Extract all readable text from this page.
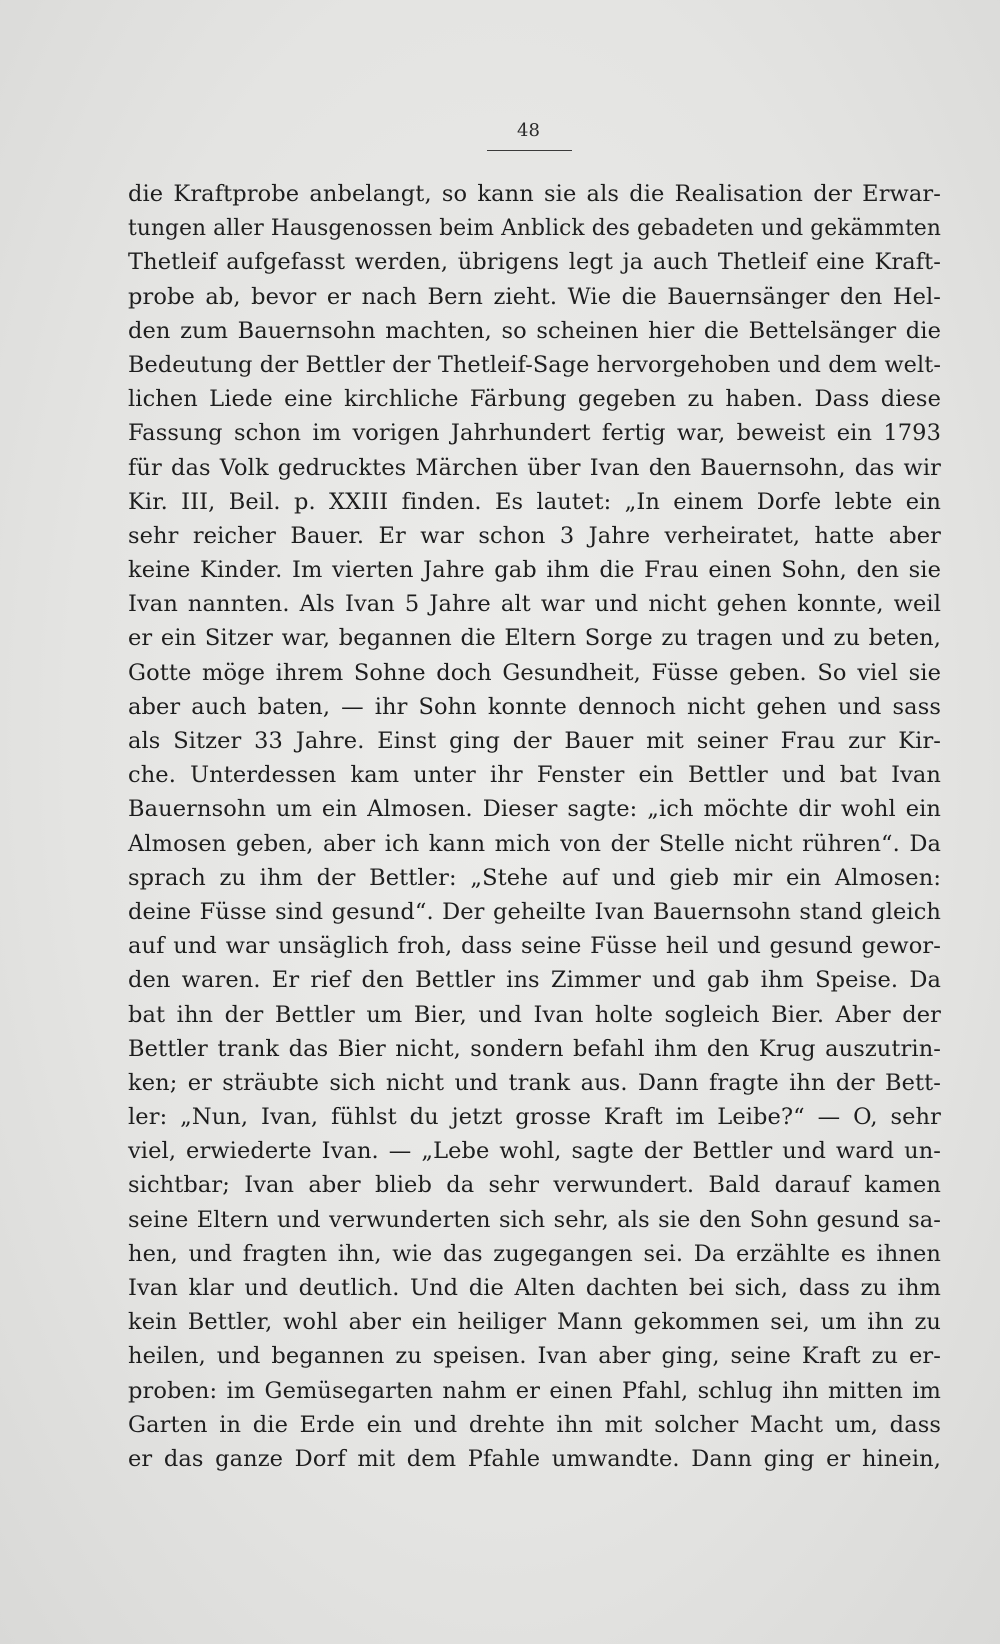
48
die Kraftprobe anbelangt, so kann sie als die Realisation der Erwar-
tungen aller Hausgenossen beim Anblick des gebadeten und gekämmten
Thetleif aufgefasst werden, übrigens legt ja auch Thetleif eine Kraft-
probe ab, bevor er nach Bern zieht. Wie die Bauernsänger den Hel-
den zum Bauernsohn machten, so scheinen hier die Bettelsänger die
Bedeutung der Bettler der Thetleif-Sage hervorgehoben und dem welt-
lichen Liede eine kirchliche Färbung gegeben zu haben. Dass diese
Fassung schon im vorigen Jahrhundert fertig war, beweist ein 1793
für das Volk gedrucktes Märchen über Ivan den Bauernsohn, das wir
Kir. III, Beil. p. XXIII finden. Es lautet: „In einem Dorfe lebte ein
sehr reicher Bauer. Er war schon 3 Jahre verheiratet, hatte aber
keine Kinder. Im vierten Jahre gab ihm die Frau einen Sohn, den sie
Ivan nannten. Als Ivan 5 Jahre alt war und nicht gehen konnte, weil
er ein Sitzer war, begannen die Eltern Sorge zu tragen und zu beten,
Gotte möge ihrem Sohne doch Gesundheit, Füsse geben. So viel sie
aber auch baten, — ihr Sohn konnte dennoch nicht gehen und sass
als Sitzer 33 Jahre. Einst ging der Bauer mit seiner Frau zur Kir-
che. Unterdessen kam unter ihr Fenster ein Bettler und bat Ivan
Bauernsohn um ein Almosen. Dieser sagte: „ich möchte dir wohl ein
Almosen geben, aber ich kann mich von der Stelle nicht rühren“. Da
sprach zu ihm der Bettler: „Stehe auf und gieb mir ein Almosen:
deine Füsse sind gesund“. Der geheilte Ivan Bauernsohn stand gleich
auf und war unsäglich froh, dass seine Füsse heil und gesund gewor-
den waren. Er rief den Bettler ins Zimmer und gab ihm Speise. Da
bat ihn der Bettler um Bier, und Ivan holte sogleich Bier. Aber der
Bettler trank das Bier nicht, sondern befahl ihm den Krug auszutrin-
ken; er sträubte sich nicht und trank aus. Dann fragte ihn der Bett-
ler: „Nun, Ivan, fühlst du jetzt grosse Kraft im Leibe?“ — O, sehr
viel, erwiederte Ivan. — „Lebe wohl, sagte der Bettler und ward un-
sichtbar; Ivan aber blieb da sehr verwundert. Bald darauf kamen
seine Eltern und verwunderten sich sehr, als sie den Sohn gesund sa-
hen, und fragten ihn, wie das zugegangen sei. Da erzählte es ihnen
Ivan klar und deutlich. Und die Alten dachten bei sich, dass zu ihm
kein Bettler, wohl aber ein heiliger Mann gekommen sei, um ihn zu
heilen, und begannen zu speisen. Ivan aber ging, seine Kraft zu er-
proben: im Gemüsegarten nahm er einen Pfahl, schlug ihn mitten im
Garten in die Erde ein und drehte ihn mit solcher Macht um, dass
er das ganze Dorf mit dem Pfahle umwandte. Dann ging er hinein,
